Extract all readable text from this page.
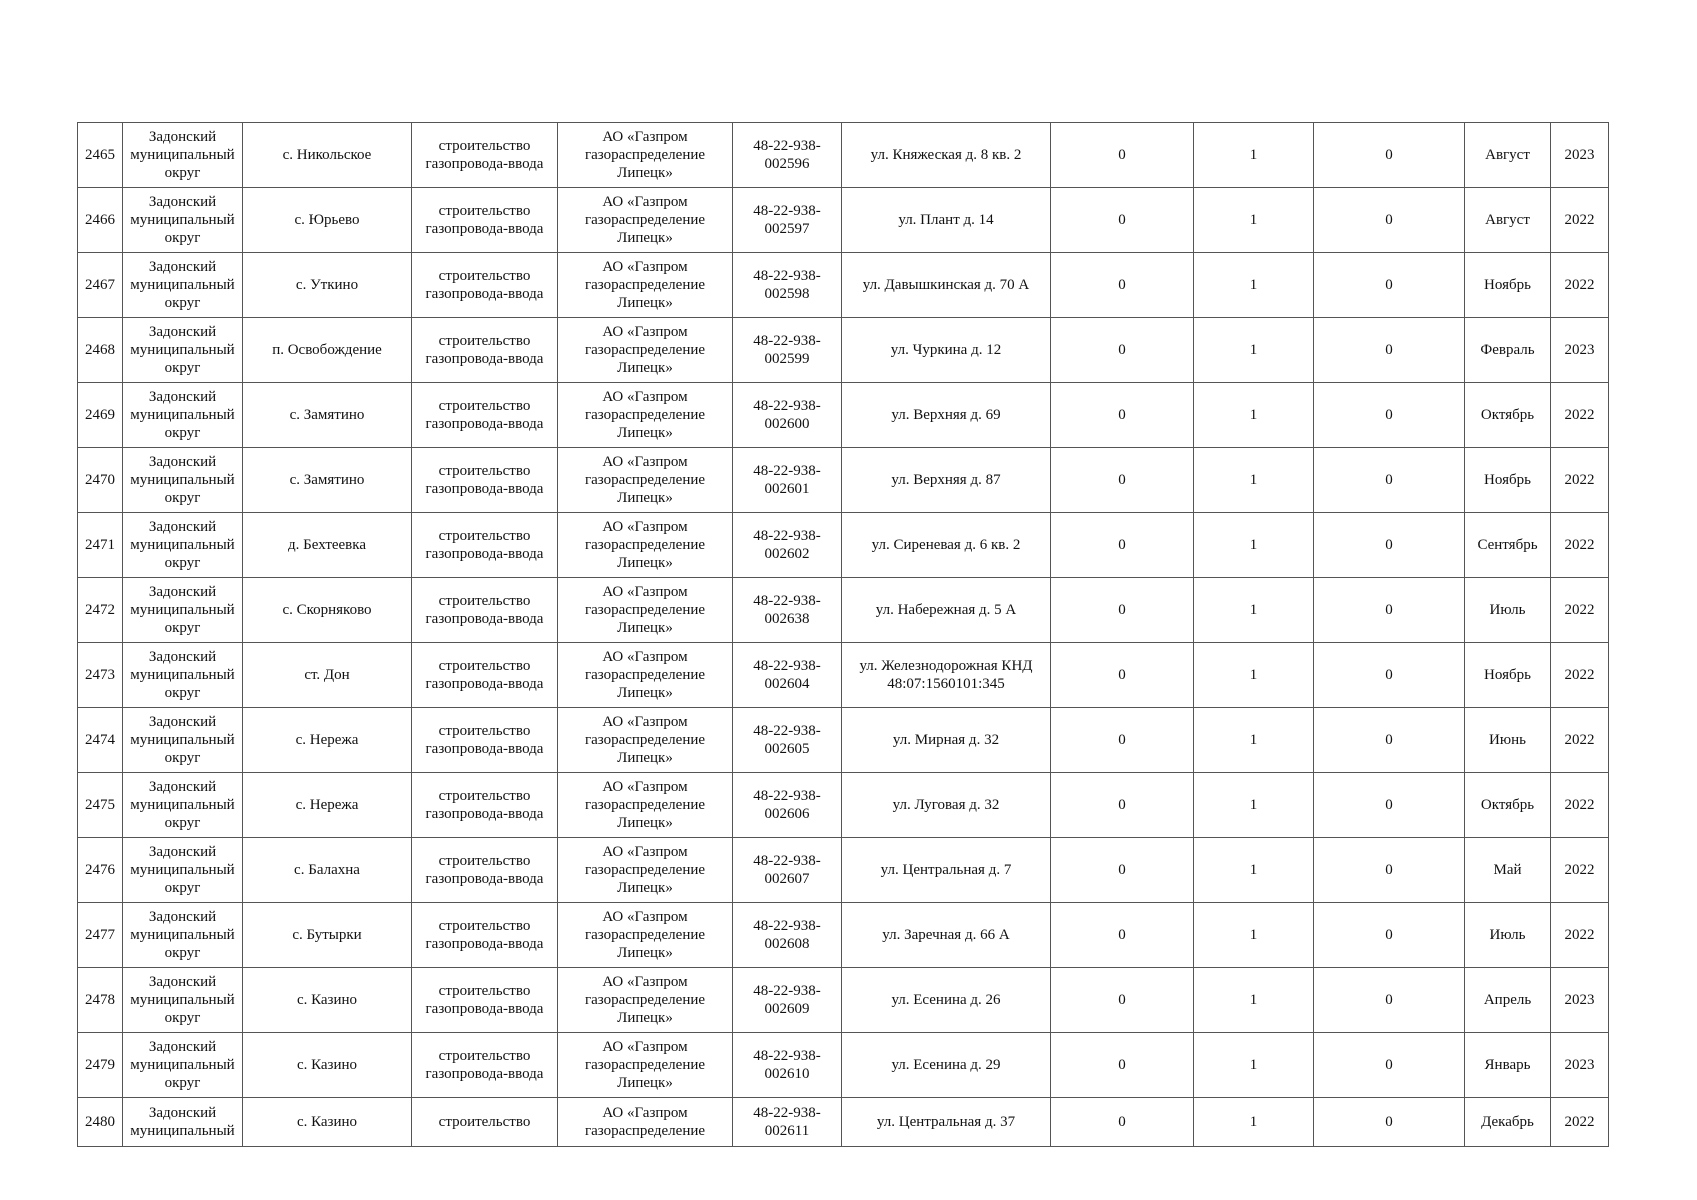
2465	Задонский
муниципальный
округ	с. Никольское	строительство
газопровода-ввода	АО «Газпром
газораспределение
Липецк»	48-22-938-
002596	ул. Княжеская д. 8 кв. 2	0	1	0	Август	2023
2466	Задонский
муниципальный
округ	с. Юрьево	строительство
газопровода-ввода	АО «Газпром
газораспределение
Липецк»	48-22-938-
002597	ул. Плант д. 14	0	1	0	Август	2022
2467	Задонский
муниципальный
округ	с. Уткино	строительство
газопровода-ввода	АО «Газпром
газораспределение
Липецк»	48-22-938-
002598	ул. Давышкинская д. 70 А	0	1	0	Ноябрь	2022
2468	Задонский
муниципальный
округ	п. Освобождение	строительство
газопровода-ввода	АО «Газпром
газораспределение
Липецк»	48-22-938-
002599	ул. Чуркина д. 12	0	1	0	Февраль	2023
2469	Задонский
муниципальный
округ	с. Замятино	строительство
газопровода-ввода	АО «Газпром
газораспределение
Липецк»	48-22-938-
002600	ул. Верхняя д. 69	0	1	0	Октябрь	2022
2470	Задонский
муниципальный
округ	с. Замятино	строительство
газопровода-ввода	АО «Газпром
газораспределение
Липецк»	48-22-938-
002601	ул. Верхняя д. 87	0	1	0	Ноябрь	2022
2471	Задонский
муниципальный
округ	д. Бехтеевка	строительство
газопровода-ввода	АО «Газпром
газораспределение
Липецк»	48-22-938-
002602	ул. Сиреневая д. 6 кв. 2	0	1	0	Сентябрь	2022
2472	Задонский
муниципальный
округ	с. Скорняково	строительство
газопровода-ввода	АО «Газпром
газораспределение
Липецк»	48-22-938-
002638	ул. Набережная д. 5 А	0	1	0	Июль	2022
2473	Задонский
муниципальный
округ	ст. Дон	строительство
газопровода-ввода	АО «Газпром
газораспределение
Липецк»	48-22-938-
002604	ул. Железнодорожная КНД
48:07:1560101:345	0	1	0	Ноябрь	2022
2474	Задонский
муниципальный
округ	с. Нережа	строительство
газопровода-ввода	АО «Газпром
газораспределение
Липецк»	48-22-938-
002605	ул. Мирная д. 32	0	1	0	Июнь	2022
2475	Задонский
муниципальный
округ	с. Нережа	строительство
газопровода-ввода	АО «Газпром
газораспределение
Липецк»	48-22-938-
002606	ул. Луговая д. 32	0	1	0	Октябрь	2022
2476	Задонский
муниципальный
округ	с. Балахна	строительство
газопровода-ввода	АО «Газпром
газораспределение
Липецк»	48-22-938-
002607	ул. Центральная д. 7	0	1	0	Май	2022
2477	Задонский
муниципальный
округ	с. Бутырки	строительство
газопровода-ввода	АО «Газпром
газораспределение
Липецк»	48-22-938-
002608	ул. Заречная д. 66 А	0	1	0	Июль	2022
2478	Задонский
муниципальный
округ	с. Казино	строительство
газопровода-ввода	АО «Газпром
газораспределение
Липецк»	48-22-938-
002609	ул. Есенина д. 26	0	1	0	Апрель	2023
2479	Задонский
муниципальный
округ	с. Казино	строительство
газопровода-ввода	АО «Газпром
газораспределение
Липецк»	48-22-938-
002610	ул. Есенина д. 29	0	1	0	Январь	2023
2480	Задонский
муниципальный	с. Казино	строительство	АО «Газпром
газораспределение	48-22-938-
002611	ул. Центральная д. 37	0	1	0	Декабрь	2022
